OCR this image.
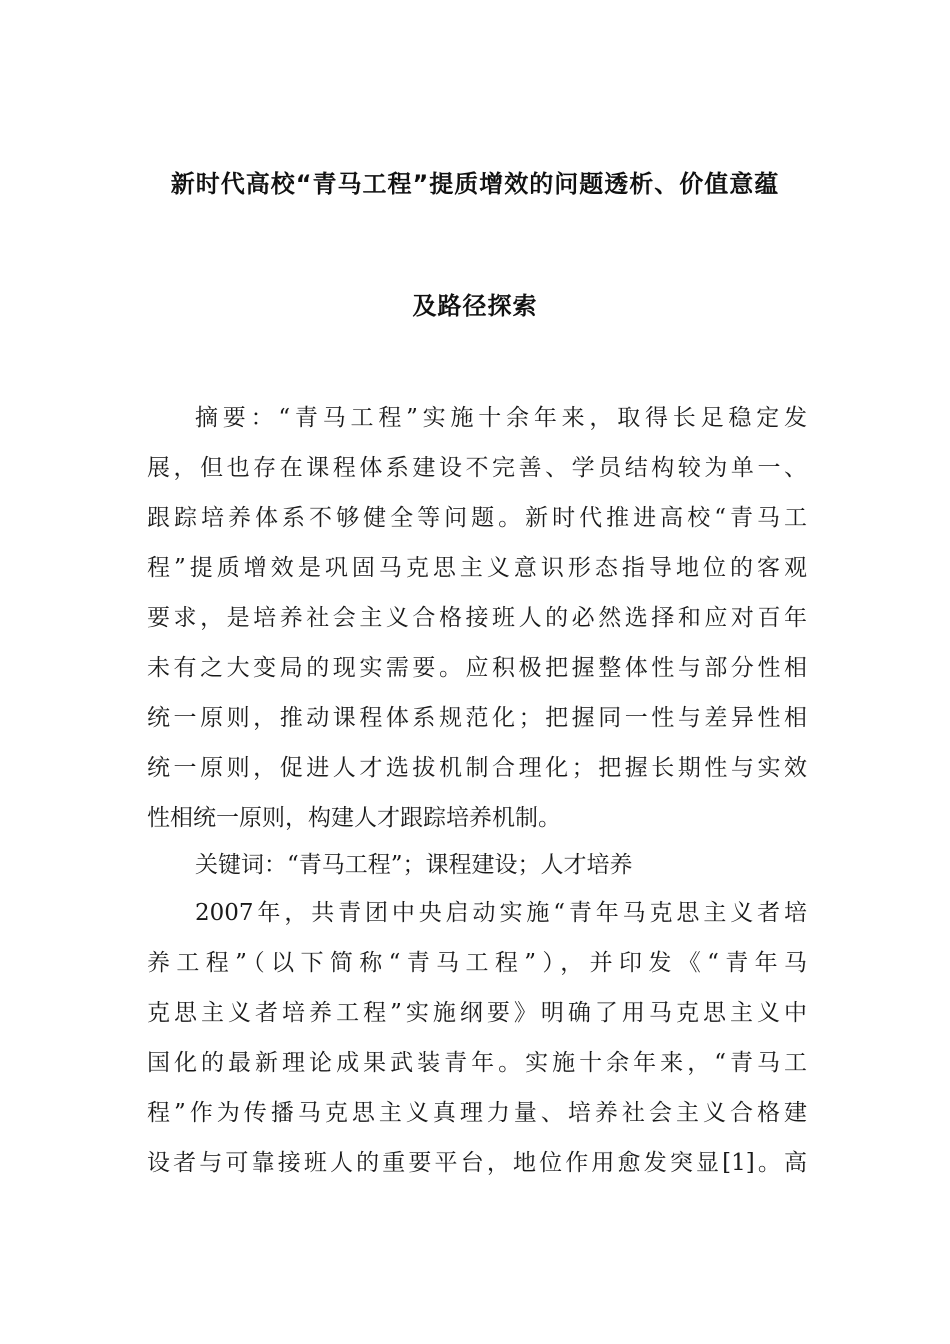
新时代高校“青马工程”提质增效的问题透析、价值意蕴
及路径探索
摘要：“青马工程”实施十余年来，取得长足稳定发
展，但也存在课程体系建设不完善、学员结构较为单一、
跟踪培养体系不够健全等问题。新时代推进高校“青马工
程”提质增效是巩固马克思主义意识形态指导地位的客观
要求，是培养社会主义合格接班人的必然选择和应对百年
未有之大变局的现实需要。应积极把握整体性与部分性相
统一原则，推动课程体系规范化；把握同一性与差异性相
统一原则，促进人才选拔机制合理化；把握长期性与实效
性相统一原则，构建人才跟踪培养机制。
关键词：“青马工程”；课程建设；人才培养
2007年，共青团中央启动实施“青年马克思主义者培
养工程”（以下简称“青马工程”），并印发《“青年马
克思主义者培养工程”实施纲要》明确了用马克思主义中
国化的最新理论成果武装青年。实施十余年来，“青马工
程”作为传播马克思主义真理力量、培养社会主义合格建
设者与可靠接班人的重要平台，地位作用愈发突显[1]。高
